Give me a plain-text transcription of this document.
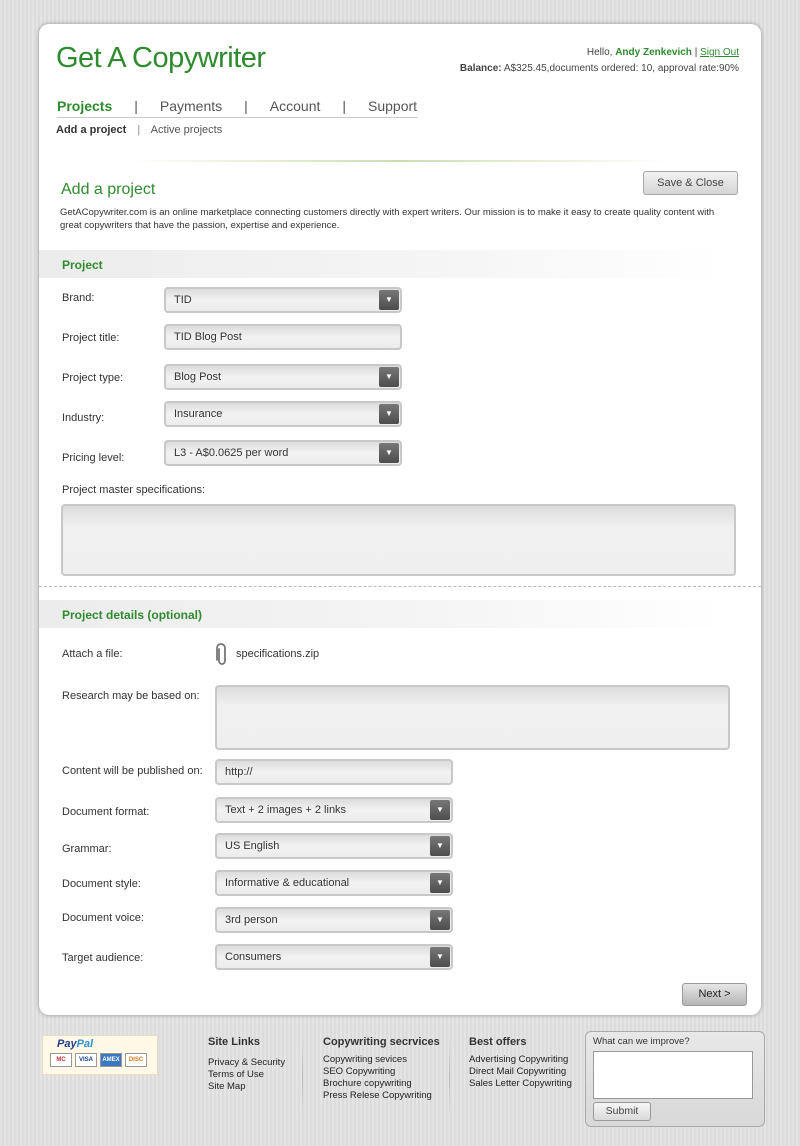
Get A Copywriter	Hello, Andy Zenkevich | Sign Out
Balance: A$325.45,documents ordered: 10, approval rate:90%
Projects | Payments | Account | Support
Add a project | Active projects
Add a project	Save & Close
GetACopywriter.com is an online marketplace connecting customers directly with expert writers. Our mission is to make it easy to create quality content with great copywriters that have the passion, expertise and experience.
Project
Brand:	TID	▼
Project title:	TID Blog Post
Project type:	Blog Post	▼
Industry:	Insurance	▼
Pricing level:	L3 - A$0.0625 per word	▼
Project master specifications:
Project details (optional)
Attach a file:	specifications.zip
Research may be based on:
Content will be published on:	http://
Document format:	Text + 2 images + 2 links	▼
Grammar:	US English	▼
Document style:	Informative & educational	▼
Document voice:	3rd person	▼
Target audience:	Consumers	▼
Next >
PayPal
MC	VISA	AMEX	DISC
Site Links
Privacy & Security
Terms of Use
Site Map
Copywriting secrvices
Copywriting sevices
SEO Copywriting
Brochure copywriting
Press Relese Copywriting
Best offers
Advertising Copywriting
Direct Mail Copywriting
Sales Letter Copywriting
What can we improve?
Submit
